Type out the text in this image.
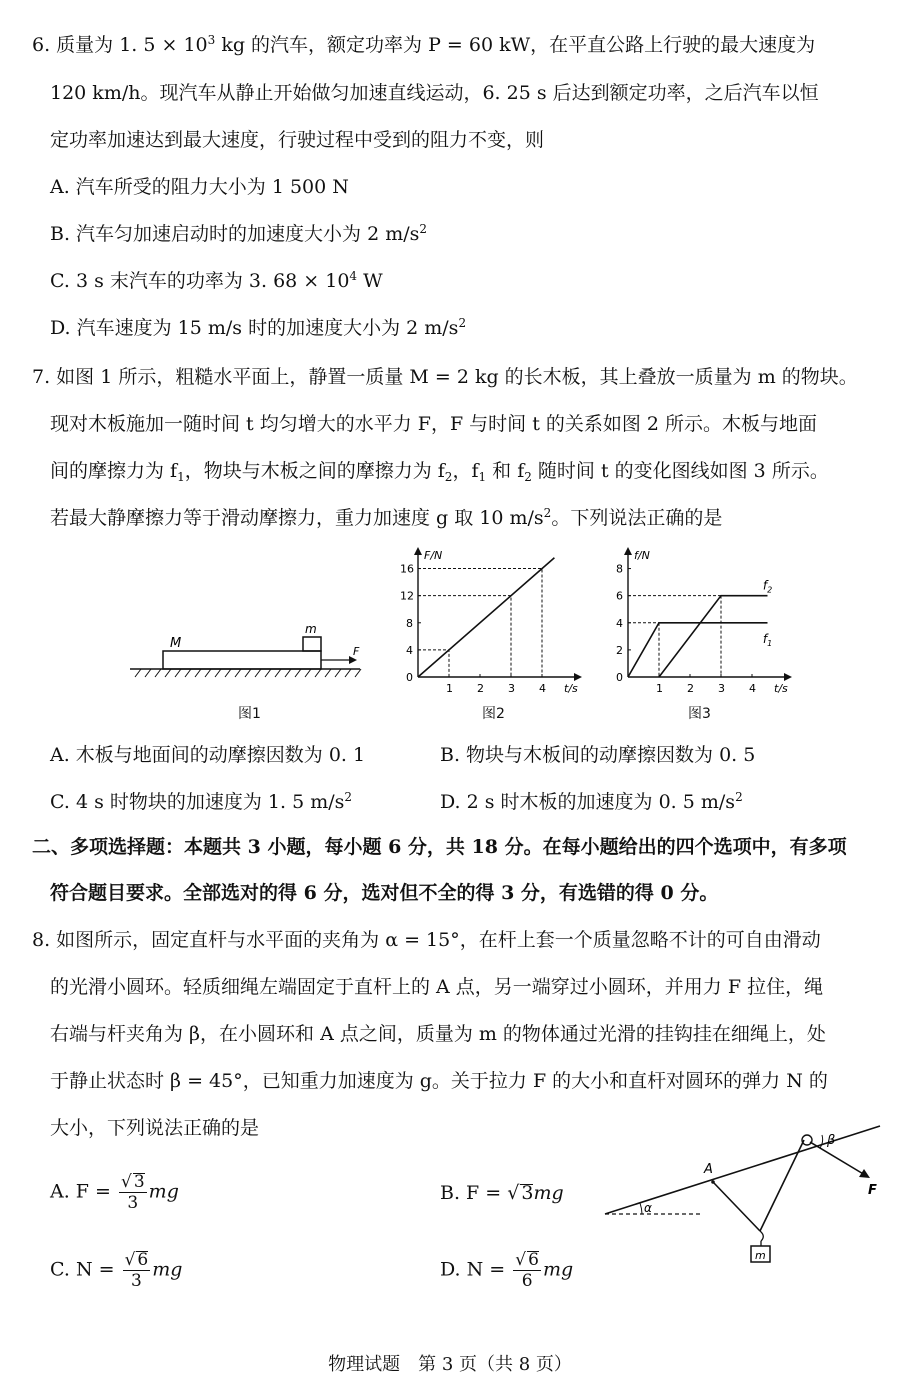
6. 质量为 1. $5 \times 10^3$ kg 的汽车，额定功率为 P = 60 kW，在平直公路上行驶的最大速度为
120 km/h。现汽车从静止开始做匀加速直线运动，6. 25 s 后达到额定功率，之后汽车以恒
定功率加速达到最大速度，行驶过程中受到的阻力不变，则
A. 汽车所受的阻力大小为 1 500 N
B. 汽车匀加速启动时的加速度大小为 2 $m/s^2$
C. 3 s 末汽车的功率为 3. $68 \times 10^4$ W
D. 汽车速度为 15 m/s 时的加速度大小为 2 $m/s^2$
7. 如图 1 所示，粗糙水平面上，静置一质量 M = 2 kg 的长木板，其上叠放一质量为 m 的物块。
现对木板施加一随时间 t 均匀增大的水平力 F，F 与时间 t 的关系如图 2 所示。木板与地面
间的摩擦力为 $f_1$，物块与木板之间的摩擦力为 $f_2$，$f_1$ 和 $f_2$ 随时间 t 的变化图线如图 3 所示。
若最大静摩擦力等于滑动摩擦力，重力加速度 g 取 10 $m/s^2$。下列说法正确的是
M
m
F
图1
F/N
t/s
0
1 2 3 4
4
8
12
16
图2
f/N
t/s
0
1 2 3 4
2
4
6
8
$f_2$
$f_1$
图3
A. 木板与地面间的动摩擦因数为 0. 1	B. 物块与木板间的动摩擦因数为 0. 5
C. 4 s 时物块的加速度为 1. 5 $m/s^2$	D. 2 s 时木板的加速度为 0. 5 $m/s^2$
二、多项选择题：本题共 3 小题，每小题 6 分，共 18 分。在每小题给出的四个选项中，有多项
符合题目要求。全部选对的得 6 分，选对但不全的得 3 分，有选错的得 0 分。
8. 如图所示，固定直杆与水平面的夹角为 α = 15°，在杆上套一个质量忽略不计的可自由滑动
的光滑小圆环。轻质细绳左端固定于直杆上的 A 点，另一端穿过小圆环，并用力 F 拉住，绳
右端与杆夹角为 β，在小圆环和 A 点之间，质量为 m 的物体通过光滑的挂钩挂在细绳上，处
于静止状态时 β = 45°，已知重力加速度为 g。关于拉力 F 的大小和直杆对圆环的弹力 N 的
大小，下列说法正确的是
A. $F = \frac{√ 3}{3}$ mg	B. F = √ 3mg
C. $N = \frac{√ 6}{3}$ mg	D. $N = \frac{√ 6}{6}$ mg
α
A
β
F
m
物理试题　第 3 页（共 8 页）
